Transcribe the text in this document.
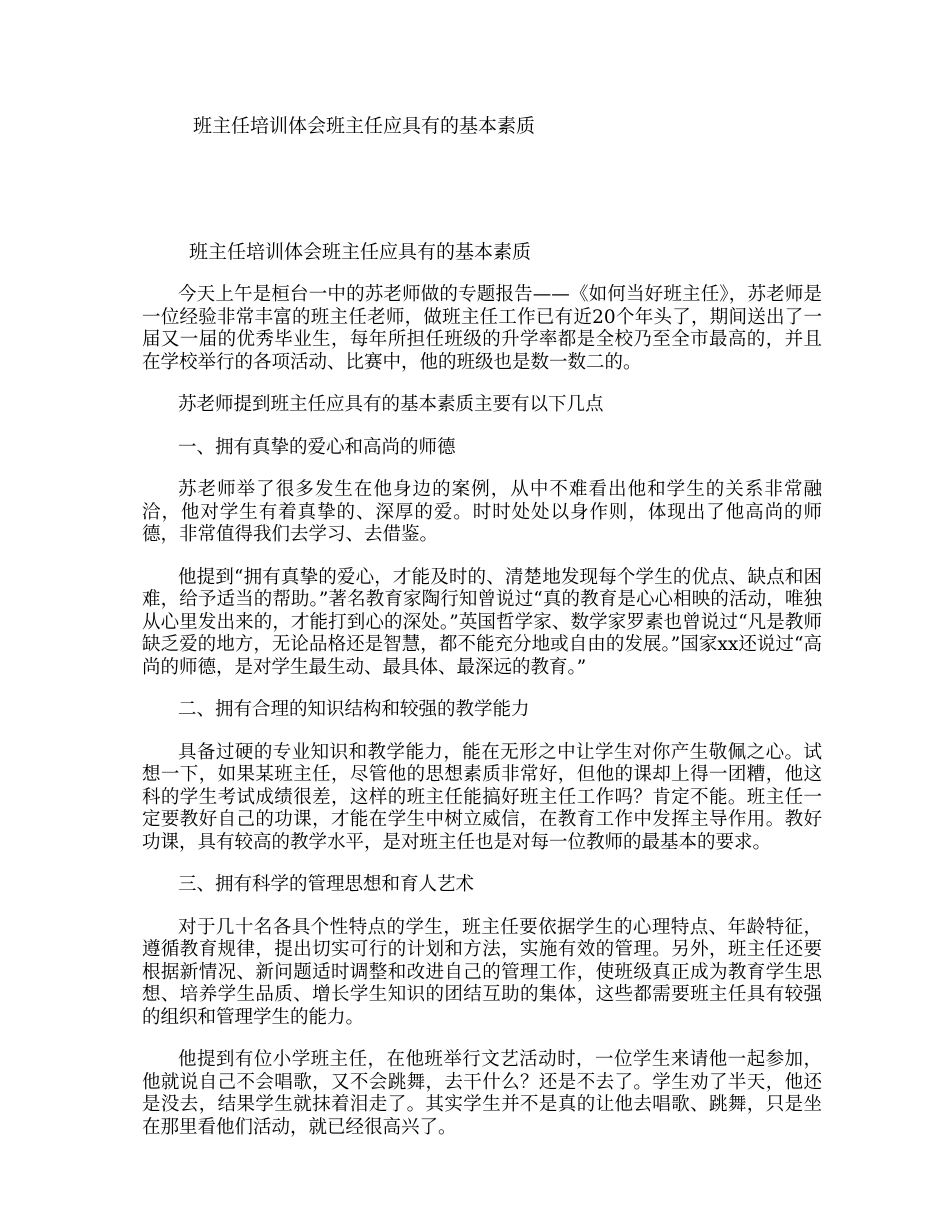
班主任培训体会班主任应具有的基本素质
班主任培训体会班主任应具有的基本素质

今天上午是桓台一中的苏老师做的专题报告——《如何当好班主任》，苏老师是一位经验非常丰富的班主任老师，做班主任工作已有近20个年头了，期间送出了一届又一届的优秀毕业生，每年所担任班级的升学率都是全校乃至全市最高的，并且在学校举行的各项活动、比赛中，他的班级也是数一数二的。

苏老师提到班主任应具有的基本素质主要有以下几点

一、拥有真挚的爱心和高尚的师德

苏老师举了很多发生在他身边的案例，从中不难看出他和学生的关系非常融洽，他对学生有着真挚的、深厚的爱。时时处处以身作则，体现出了他高尚的师德，非常值得我们去学习、去借鉴。

他提到“拥有真挚的爱心，才能及时的、清楚地发现每个学生的优点、缺点和困难，给予适当的帮助。”著名教育家陶行知曾说过“真的教育是心心相映的活动，唯独从心里发出来的，才能打到心的深处。”英国哲学家、数学家罗素也曾说过“凡是教师缺乏爱的地方，无论品格还是智慧，都不能充分地或自由的发展。”国家xx还说过“高尚的师德，是对学生最生动、最具体、最深远的教育。”

二、拥有合理的知识结构和较强的教学能力

具备过硬的专业知识和教学能力，能在无形之中让学生对你产生敬佩之心。试想一下，如果某班主任，尽管他的思想素质非常好，但他的课却上得一团糟，他这科的学生考试成绩很差，这样的班主任能搞好班主任工作吗？肯定不能。班主任一定要教好自己的功课，才能在学生中树立威信，在教育工作中发挥主导作用。教好功课，具有较高的教学水平，是对班主任也是对每一位教师的最基本的要求。

三、拥有科学的管理思想和育人艺术

对于几十名各具个性特点的学生，班主任要依据学生的心理特点、年龄特征，遵循教育规律，提出切实可行的计划和方法，实施有效的管理。另外，班主任还要根据新情况、新问题适时调整和改进自己的管理工作，使班级真正成为教育学生思想、培养学生品质、增长学生知识的团结互助的集体，这些都需要班主任具有较强的组织和管理学生的能力。

他提到有位小学班主任，在他班举行文艺活动时，一位学生来请他一起参加，他就说自己不会唱歌，又不会跳舞，去干什么？还是不去了。学生劝了半天，他还是没去，结果学生就抹着泪走了。其实学生并不是真的让他去唱歌、跳舞，只是坐在那里看他们活动，就已经很高兴了。
